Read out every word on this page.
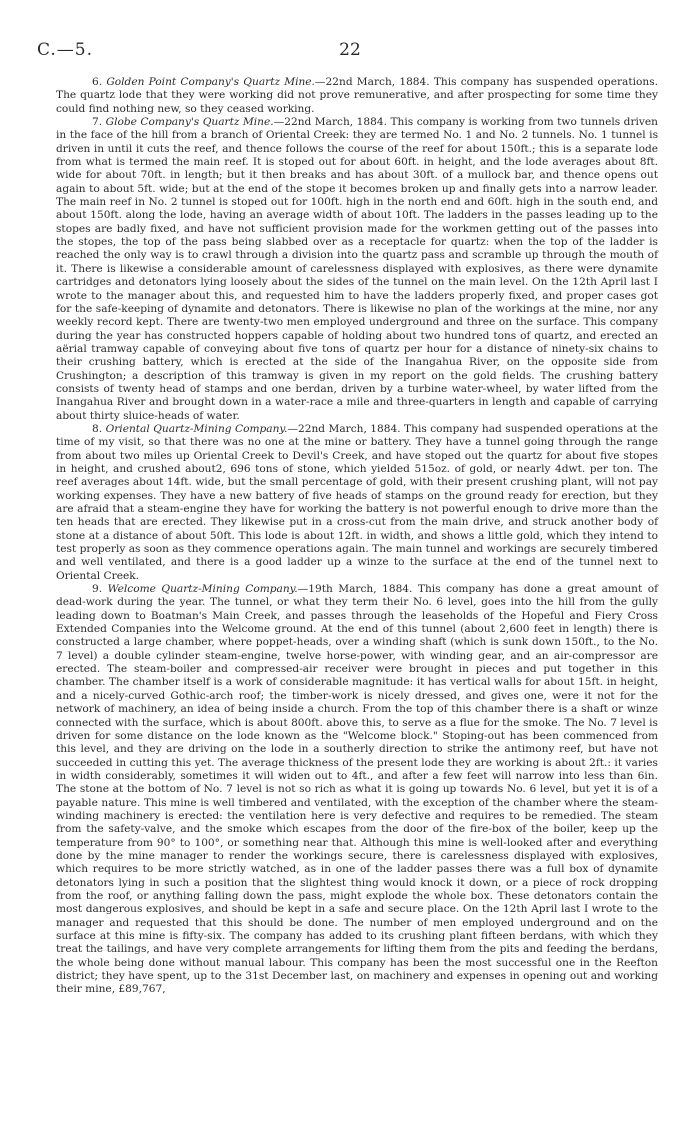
C.—5.	22

6. Golden Point Company's Quartz Mine.—22nd March, 1884. This company has suspended operations. The quartz lode that they were working did not prove remunerative, and after prospecting for some time they could find nothing new, so they ceased working.

7. Globe Company's Quartz Mine.—22nd March, 1884. This company is working from two tunnels driven in the face of the hill from a branch of Oriental Creek: they are termed No. 1 and No. 2 tunnels. No. 1 tunnel is driven in until it cuts the reef, and thence follows the course of the reef for about 150ft.; this is a separate lode from what is termed the main reef. It is stoped out for about 60ft. in height, and the lode averages about 8ft. wide for about 70ft. in length; but it then breaks and has about 30ft. of a mullock bar, and thence opens out again to about 5ft. wide; but at the end of the stope it becomes broken up and finally gets into a narrow leader. The main reef in No. 2 tunnel is stoped out for 100ft. high in the north end and 60ft. high in the south end, and about 150ft. along the lode, having an average width of about 10ft. The ladders in the passes leading up to the stopes are badly fixed, and have not sufficient provision made for the workmen getting out of the passes into the stopes, the top of the pass being slabbed over as a receptacle for quartz: when the top of the ladder is reached the only way is to crawl through a division into the quartz pass and scramble up through the mouth of it. There is likewise a considerable amount of carelessness displayed with explosives, as there were dynamite cartridges and detonators lying loosely about the sides of the tunnel on the main level. On the 12th April last I wrote to the manager about this, and requested him to have the ladders properly fixed, and proper cases got for the safe-keeping of dynamite and detonators. There is likewise no plan of the workings at the mine, nor any weekly record kept. There are twenty-two men employed underground and three on the surface. This company during the year has constructed hoppers capable of holding about two hundred tons of quartz, and erected an aërial tramway capable of conveying about five tons of quartz per hour for a distance of ninety-six chains to their crushing battery, which is erected at the side of the Inangahua River, on the opposite side from Crushington; a description of this tramway is given in my report on the gold fields. The crushing battery consists of twenty head of stamps and one berdan, driven by a turbine water-wheel, by water lifted from the Inangahua River and brought down in a water-race a mile and three-quarters in length and capable of carrying about thirty sluice-heads of water.

8. Oriental Quartz-Mining Company.—22nd March, 1884. This company had suspended operations at the time of my visit, so that there was no one at the mine or battery. They have a tunnel going through the range from about two miles up Oriental Creek to Devil's Creek, and have stoped out the quartz for about five stopes in height, and crushed about2, 696 tons of stone, which yielded 515oz. of gold, or nearly 4dwt. per ton. The reef averages about 14ft. wide, but the small percentage of gold, with their present crushing plant, will not pay working expenses. They have a new battery of five heads of stamps on the ground ready for erection, but they are afraid that a steam-engine they have for working the battery is not powerful enough to drive more than the ten heads that are erected. They likewise put in a cross-cut from the main drive, and struck another body of stone at a distance of about 50ft. This lode is about 12ft. in width, and shows a little gold, which they intend to test properly as soon as they commence operations again. The main tunnel and workings are securely timbered and well ventilated, and there is a good ladder up a winze to the surface at the end of the tunnel next to Oriental Creek.

9. Welcome Quartz-Mining Company.—19th March, 1884. This company has done a great amount of dead-work during the year. The tunnel, or what they term their No. 6 level, goes into the hill from the gully leading down to Boatman's Main Creek, and passes through the leaseholds of the Hopeful and Fiery Cross Extended Companies into the Welcome ground. At the end of this tunnel (about 2,600 feet in length) there is constructed a large chamber, where poppet-heads, over a winding shaft (which is sunk down 150ft., to the No. 7 level) a double cylinder steam-engine, twelve horse-power, with winding gear, and an air-compressor are erected. The steam-boiler and compressed-air receiver were brought in pieces and put together in this chamber. The chamber itself is a work of considerable magnitude: it has vertical walls for about 15ft. in height, and a nicely-curved Gothic-arch roof; the timber-work is nicely dressed, and gives one, were it not for the network of machinery, an idea of being inside a church. From the top of this chamber there is a shaft or winze connected with the surface, which is about 800ft. above this, to serve as a flue for the smoke. The No. 7 level is driven for some distance on the lode known as the "Welcome block." Stoping-out has been commenced from this level, and they are driving on the lode in a southerly direction to strike the antimony reef, but have not succeeded in cutting this yet. The average thickness of the present lode they are working is about 2ft.: it varies in width considerably, sometimes it will widen out to 4ft., and after a few feet will narrow into less than 6in. The stone at the bottom of No. 7 level is not so rich as what it is going up towards No. 6 level, but yet it is of a payable nature. This mine is well timbered and ventilated, with the exception of the chamber where the steam-winding machinery is erected: the ventilation here is very defective and requires to be remedied. The steam from the safety-valve, and the smoke which escapes from the door of the fire-box of the boiler, keep up the temperature from 90° to 100°, or something near that. Although this mine is well-looked after and everything done by the mine manager to render the workings secure, there is carelessness displayed with explosives, which requires to be more strictly watched, as in one of the ladder passes there was a full box of dynamite detonators lying in such a position that the slightest thing would knock it down, or a piece of rock dropping from the roof, or anything falling down the pass, might explode the whole box. These detonators contain the most dangerous explosives, and should be kept in a safe and secure place. On the 12th April last I wrote to the manager and requested that this should be done. The number of men employed underground and on the surface at this mine is fifty-six. The company has added to its crushing plant fifteen berdans, with which they treat the tailings, and have very complete arrangements for lifting them from the pits and feeding the berdans, the whole being done without manual labour. This company has been the most successful one in the Reefton district; they have spent, up to the 31st December last, on machinery and expenses in opening out and working their mine, £89,767,
